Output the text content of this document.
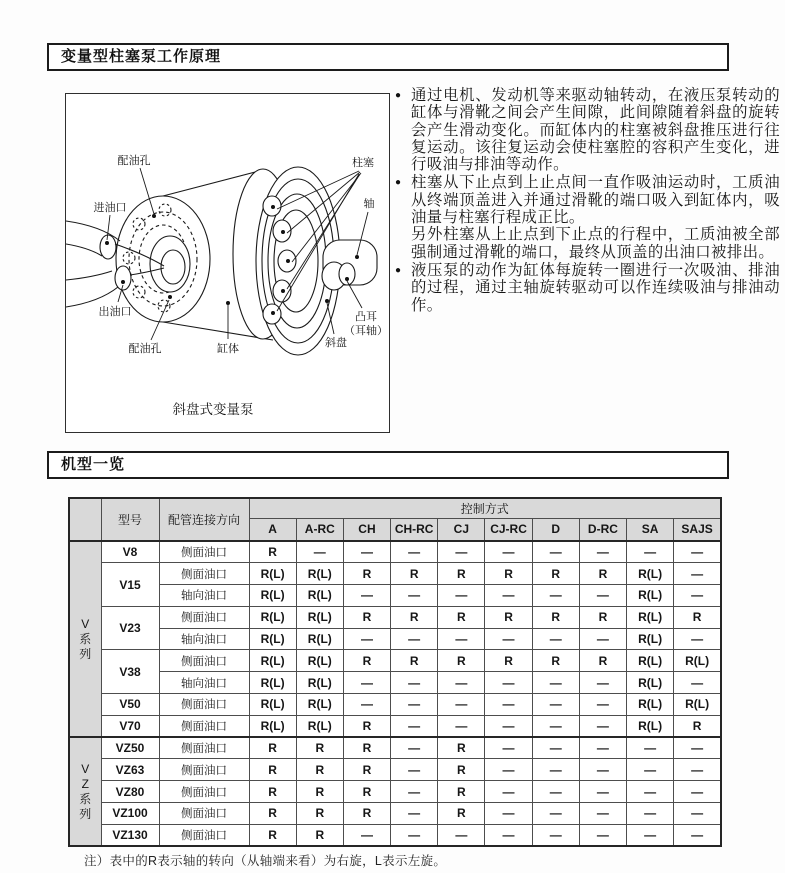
变量型柱塞泵工作原理
配油孔
进油口
出油口
配油孔	缸体
柱塞
轴
凸耳
（耳轴）
斜盘
斜盘式变量泵
● 通过电机、发动机等来驱动轴转动，在液压泵转动的缸体与滑靴之间会产生间隙，此间隙随着斜盘的旋转会产生滑动变化。而缸体内的柱塞被斜盘推压进行往复运动。该往复运动会使柱塞腔的容积产生变化，进行吸油与排油等动作。

● 柱塞从下止点到上止点间一直作吸油运动时，工质油从终端顶盖进入并通过滑靴的端口吸入到缸体内，吸油量与柱塞行程成正比。

另外柱塞从上止点到下止点的行程中，工质油被全部强制通过滑靴的端口，最终从顶盖的出油口被排出。

● 液压泵的动作为缸体每旋转一圈进行一次吸油、排油的过程，通过主轴旋转驱动可以作连续吸油与排油动作。

机型一览
	型号	配管连接方向	控制方式									
			A	A-RC	CH	CH-RC	CJ	CJ-RC	D	D-RC	SA	SAJS
V
系
列	V8	侧面油口	R	—	—	—	—	—	—	—	—	—
	V15	侧面油口	R(L)	R(L)	R	R	R	R	R	R	R(L)	—
		轴向油口	R(L)	R(L)	—	—	—	—	—	—	R(L)	—
	V23	侧面油口	R(L)	R(L)	R	R	R	R	R	R	R(L)	R
		轴向油口	R(L)	R(L)	—	—	—	—	—	—	R(L)	—
	V38	侧面油口	R(L)	R(L)	R	R	R	R	R	R	R(L)	R(L)
		轴向油口	R(L)	R(L)	—	—	—	—	—	—	R(L)	—
	V50	侧面油口	R(L)	R(L)	—	—	—	—	—	—	R(L)	R(L)
	V70	侧面油口	R(L)	R(L)	R	—	—	—	—	—	R(L)	R
V
Z
系
列	VZ50	侧面油口	R	R	R	—	R	—	—	—	—	—
	VZ63	侧面油口	R	R	R	—	R	—	—	—	—	—
	VZ80	侧面油口	R	R	R	—	R	—	—	—	—	—
	VZ100	侧面油口	R	R	R	—	R	—	—	—	—	—
	VZ130	侧面油口	R	R	—	—	—	—	—	—	—	—
注）表中的R表示轴的转向（从轴端来看）为右旋，L表示左旋。
